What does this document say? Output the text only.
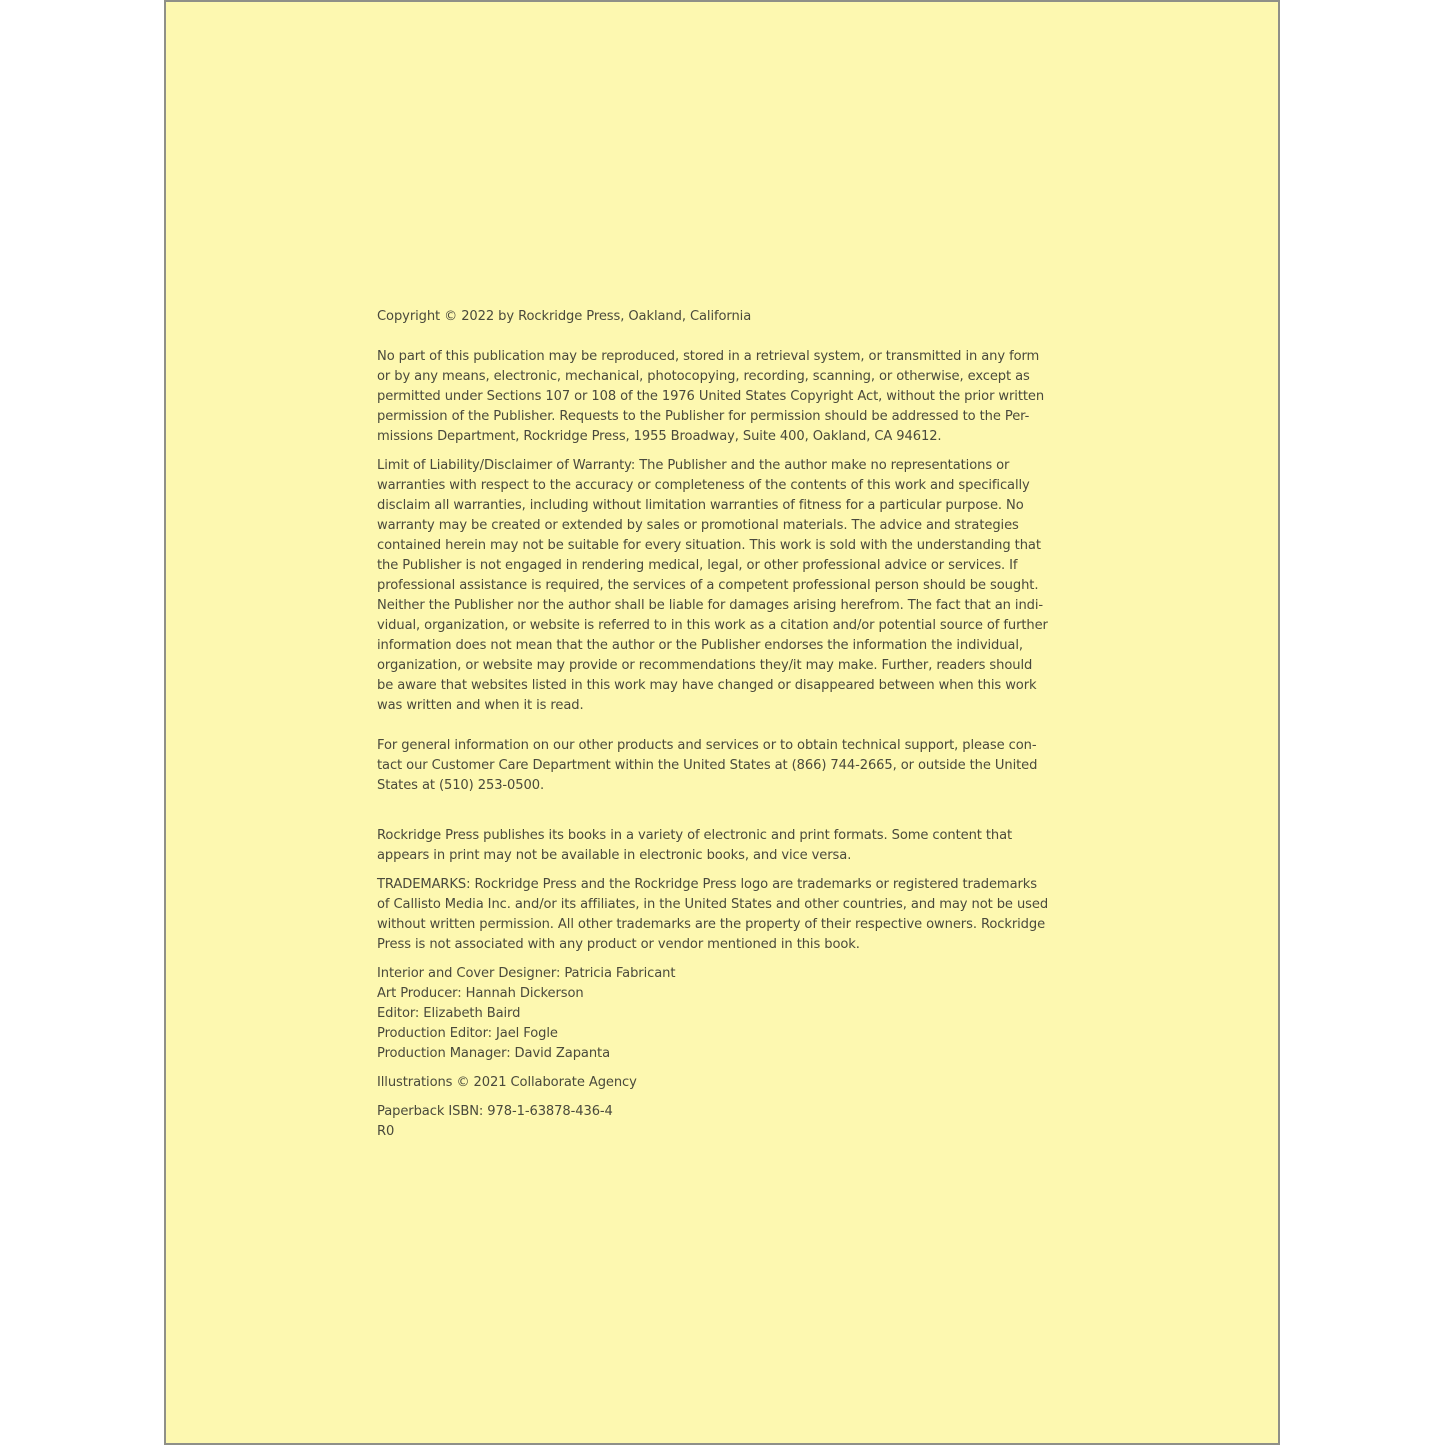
Copyright © 2022 by Rockridge Press, Oakland, California

No part of this publication may be reproduced, stored in a retrieval system, or transmitted in any form
or by any means, electronic, mechanical, photocopying, recording, scanning, or otherwise, except as
permitted under Sections 107 or 108 of the 1976 United States Copyright Act, without the prior written
permission of the Publisher. Requests to the Publisher for permission should be addressed to the Per-
missions Department, Rockridge Press, 1955 Broadway, Suite 400, Oakland, CA 94612.

Limit of Liability/Disclaimer of Warranty: The Publisher and the author make no representations or
warranties with respect to the accuracy or completeness of the contents of this work and specifically
disclaim all warranties, including without limitation warranties of fitness for a particular purpose. No
warranty may be created or extended by sales or promotional materials. The advice and strategies
contained herein may not be suitable for every situation. This work is sold with the understanding that
the Publisher is not engaged in rendering medical, legal, or other professional advice or services. If
professional assistance is required, the services of a competent professional person should be sought.
Neither the Publisher nor the author shall be liable for damages arising herefrom. The fact that an indi-
vidual, organization, or website is referred to in this work as a citation and/or potential source of further
information does not mean that the author or the Publisher endorses the information the individual,
organization, or website may provide or recommendations they/it may make. Further, readers should
be aware that websites listed in this work may have changed or disappeared between when this work
was written and when it is read.

For general information on our other products and services or to obtain technical support, please con-
tact our Customer Care Department within the United States at (866) 744-2665, or outside the United
States at (510) 253-0500.

Rockridge Press publishes its books in a variety of electronic and print formats. Some content that
appears in print may not be available in electronic books, and vice versa.

TRADEMARKS: Rockridge Press and the Rockridge Press logo are trademarks or registered trademarks
of Callisto Media Inc. and/or its affiliates, in the United States and other countries, and may not be used
without written permission. All other trademarks are the property of their respective owners. Rockridge
Press is not associated with any product or vendor mentioned in this book.

Interior and Cover Designer: Patricia Fabricant
Art Producer: Hannah Dickerson
Editor: Elizabeth Baird
Production Editor: Jael Fogle
Production Manager: David Zapanta

Illustrations © 2021 Collaborate Agency

Paperback ISBN: 978-1-63878-436-4
R0
